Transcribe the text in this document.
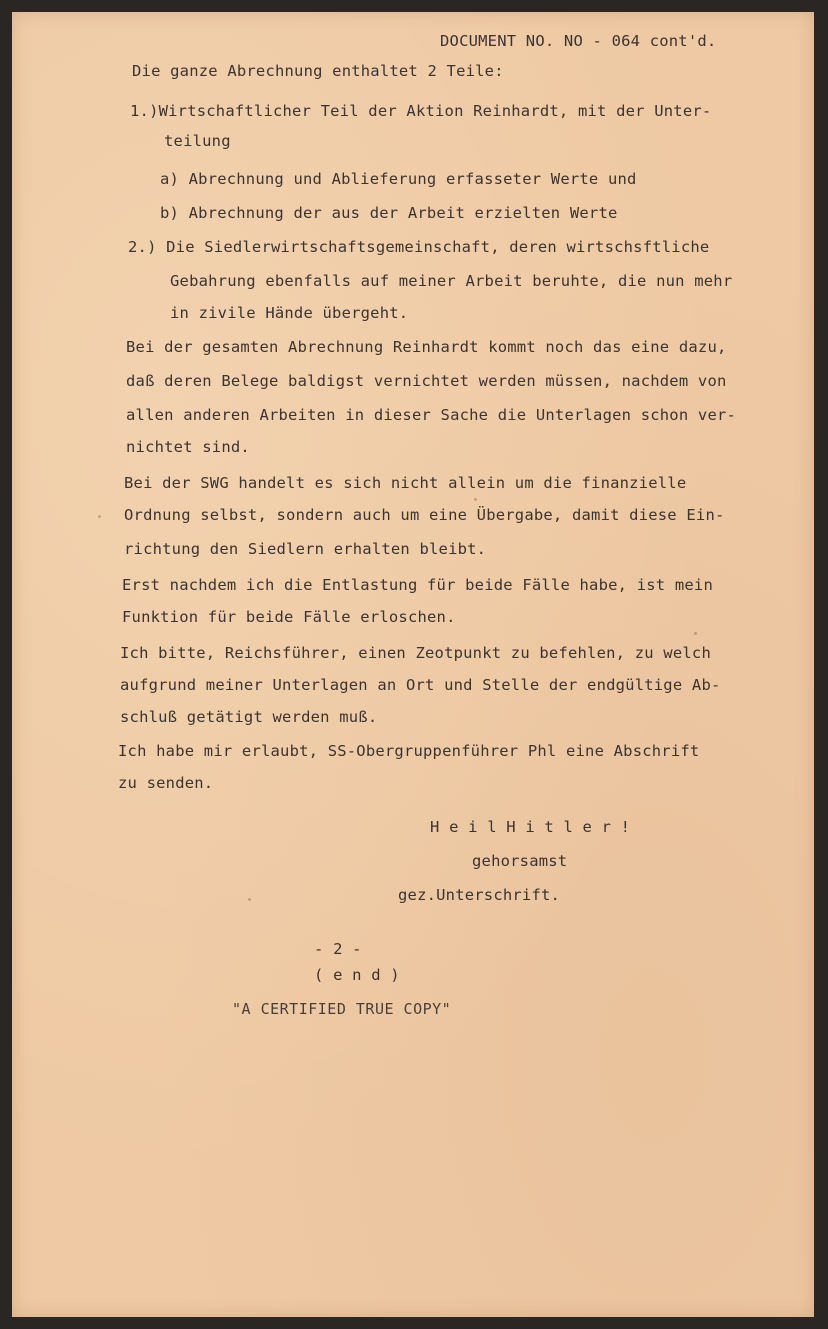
DOCUMENT NO. NO - 064 cont'd.
Die ganze Abrechnung enthaltet 2 Teile:
1.)Wirtschaftlicher Teil der Aktion Reinhardt, mit der Unter-
teilung
a) Abrechnung und Ablieferung erfasseter Werte und
b) Abrechnung der aus der Arbeit erzielten Werte
2.) Die Siedlerwirtschaftsgemeinschaft, deren wirtschsftliche
Gebahrung ebenfalls auf meiner Arbeit beruhte, die nun mehr
in zivile Hände übergeht.
Bei der gesamten Abrechnung Reinhardt kommt noch das eine dazu,
daß deren Belege baldigst vernichtet werden müssen, nachdem von
allen anderen Arbeiten in dieser Sache die Unterlagen schon ver-
nichtet sind.
Bei der SWG handelt es sich nicht allein um die finanzielle
Ordnung selbst, sondern auch um eine Übergabe, damit diese Ein-
richtung den Siedlern erhalten bleibt.
Erst nachdem ich die Entlastung für beide Fälle habe, ist mein
Funktion für beide Fälle erloschen.
Ich bitte, Reichsführer, einen Zeotpunkt zu befehlen, zu welch
aufgrund meiner Unterlagen an Ort und Stelle der endgültige Ab-
schluß getätigt werden muß.
Ich habe mir erlaubt, SS-Obergruppenführer Phl eine Abschrift
zu senden.
H e i l H i t l e r !
gehorsamst
gez.Unterschrift.
- 2 -
( e n d )
"A CERTIFIED TRUE COPY"
